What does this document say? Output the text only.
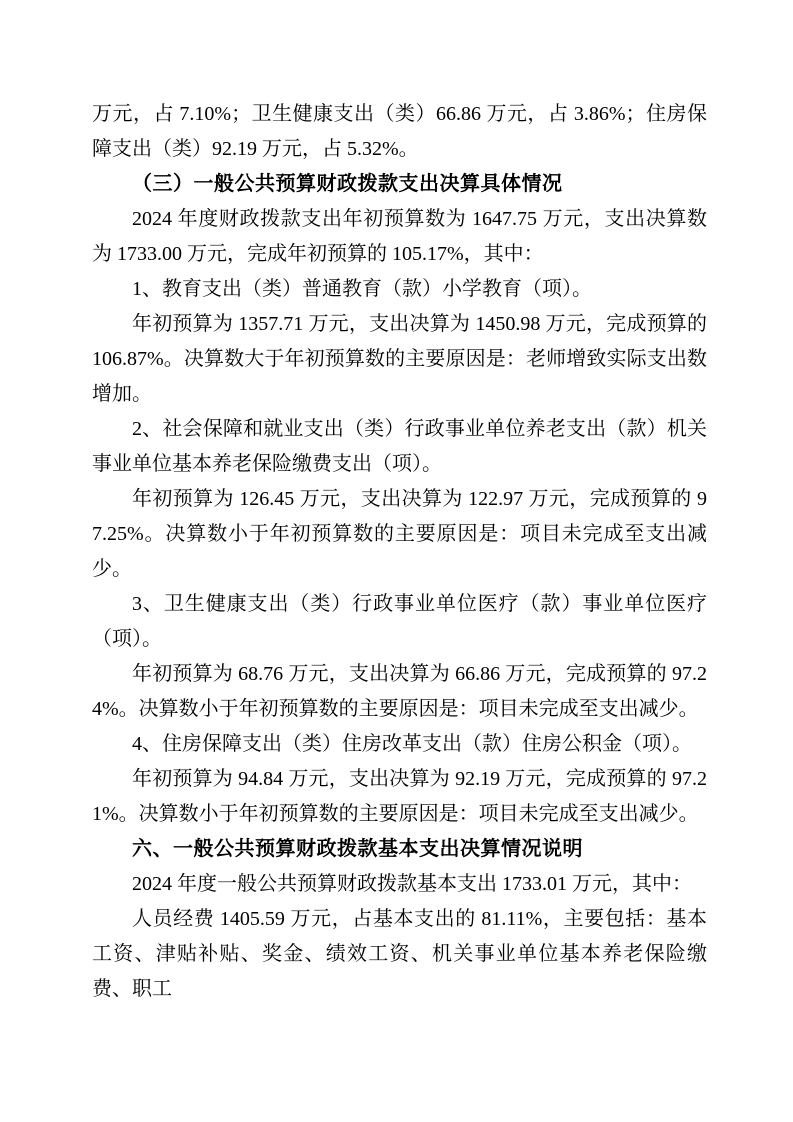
万元，占 7.10%；卫生健康支出（类）66.86 万元，占 3.86%；住房保障支出（类）92.19 万元，占 5.32%。

（三）一般公共预算财政拨款支出决算具体情况

2024 年度财政拨款支出年初预算数为 1647.75 万元，支出决算数为 1733.00 万元，完成年初预算的 105.17%，其中：

1、教育支出（类）普通教育（款）小学教育（项）。

年初预算为 1357.71 万元，支出决算为 1450.98 万元，完成预算的 106.87%。决算数大于年初预算数的主要原因是：老师增致实际支出数增加。

2、社会保障和就业支出（类）行政事业单位养老支出（款）机关事业单位基本养老保险缴费支出（项）。

年初预算为 126.45 万元，支出决算为 122.97 万元，完成预算的 97.25%。决算数小于年初预算数的主要原因是：项目未完成至支出减少。

3、卫生健康支出（类）行政事业单位医疗（款）事业单位医疗（项）。

年初预算为 68.76 万元，支出决算为 66.86 万元，完成预算的 97.24%。决算数小于年初预算数的主要原因是：项目未完成至支出减少。

4、住房保障支出（类）住房改革支出（款）住房公积金（项）。

年初预算为 94.84 万元，支出决算为 92.19 万元，完成预算的 97.21%。决算数小于年初预算数的主要原因是：项目未完成至支出减少。

六、一般公共预算财政拨款基本支出决算情况说明

2024 年度一般公共预算财政拨款基本支出 1733.01 万元，其中：

人员经费 1405.59 万元，占基本支出的 81.11%，主要包括：基本工资、津贴补贴、奖金、绩效工资、机关事业单位基本养老保险缴费、职工
